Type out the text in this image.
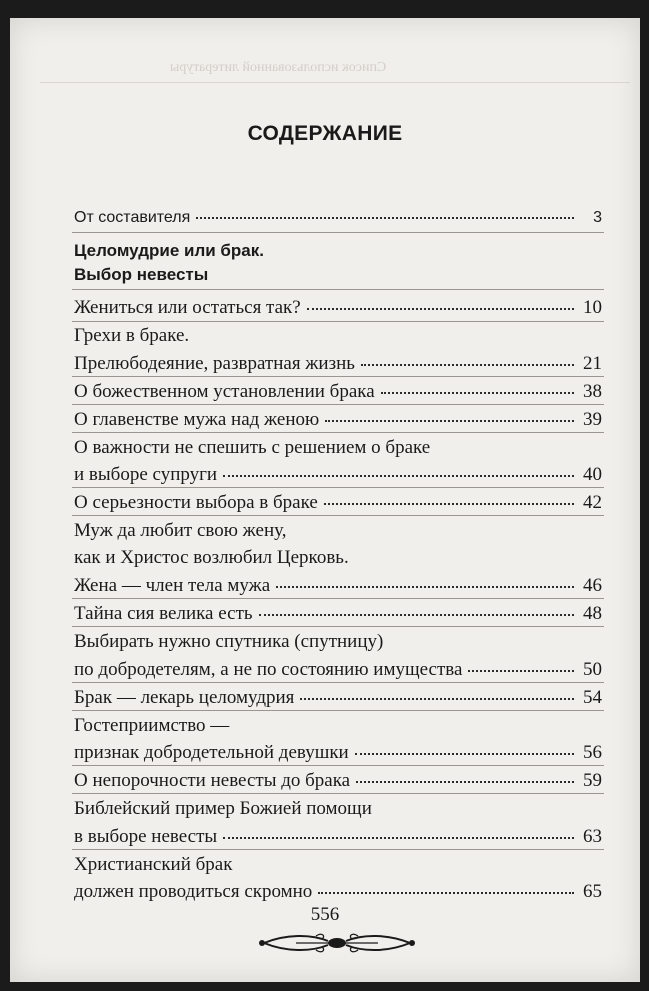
Список использованной литературы
СОДЕРЖАНИЕ
От составителя	3
Целомудрие или брак.
Выбор невесты
Жениться или остаться так?	10
Грехи в браке.
Прелюбодеяние, развратная жизнь	21
О божественном установлении брака	38
О главенстве мужа над женою	39
О важности не спешить с решением о браке
и выборе супруги	40
О серьезности выбора в браке	42
Муж да любит свою жену,
как и Христос возлюбил Церковь.
Жена — член тела мужа	46
Тайна сия велика есть	48
Выбирать нужно спутника (спутницу)
по добродетелям, а не по состоянию имущества	50
Брак — лекарь целомудрия	54
Гостеприимство —
признак добродетельной девушки	56
О непорочности невесты до брака	59
Библейский пример Божией помощи
в выборе невесты	63
Христианский брак
должен проводиться скромно	65
556
